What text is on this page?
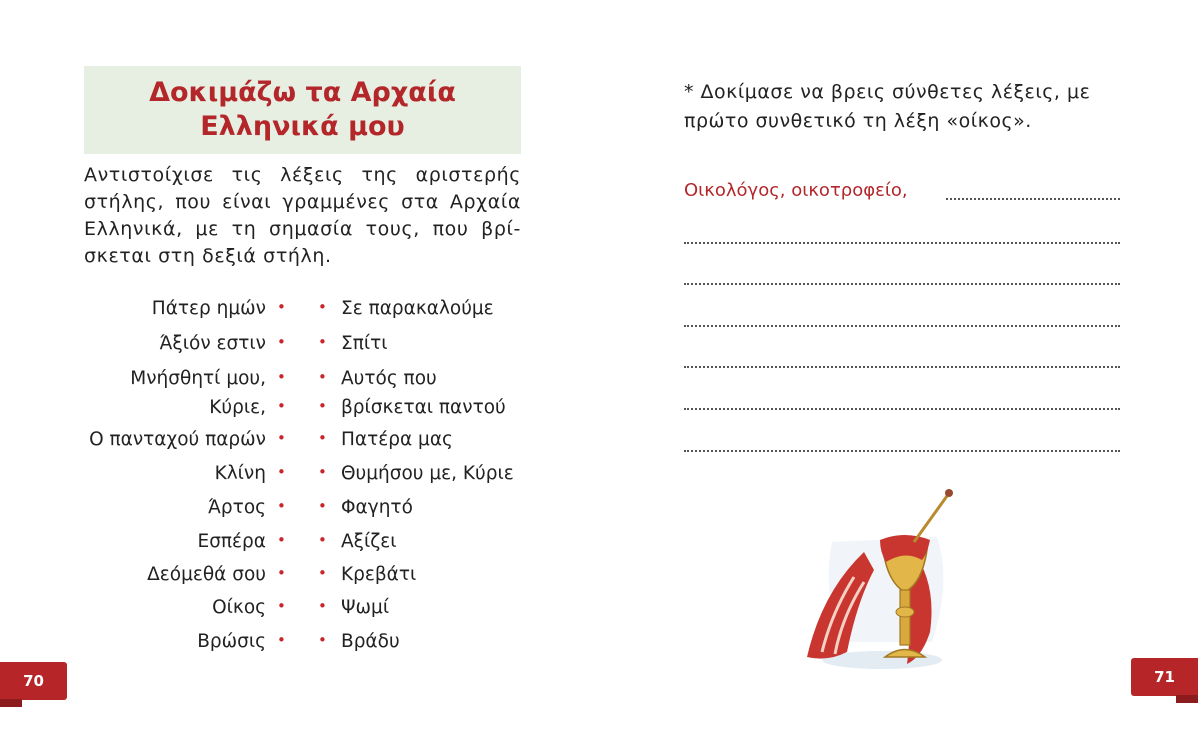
Δοκιμάζω τα Αρχαία
Ελληνικά μου
Αντιστοίχισε τις λέξεις της αριστερής στήλης, που είναι γραμμένες στα Αρχαία Ελληνικά, με τη σημασία τους, που βρί-σκεται στη δεξιά στήλη.
Πάτερ ημών • • Σε παρακαλούμε
Άξιόν εστιν • • Σπίτι
Μνήσθητί μου, • • Αυτός που
Κύριε, • • βρίσκεται παντού
Ο πανταχού παρών • • Πατέρα μας
Κλίνη • • Θυμήσου με, Κύριε
Άρτος • • Φαγητό
Εσπέρα • • Αξίζει
Δεόμεθά σου • • Κρεβάτι
Οίκος • • Ψωμί
Βρώσις • • Βράδυ
70
* Δοκίμασε να βρεις σύνθετες λέξεις, με πρώτο συνθετικό τη λέξη «οίκος».
Οικολόγος, οικοτροφείο,
71
